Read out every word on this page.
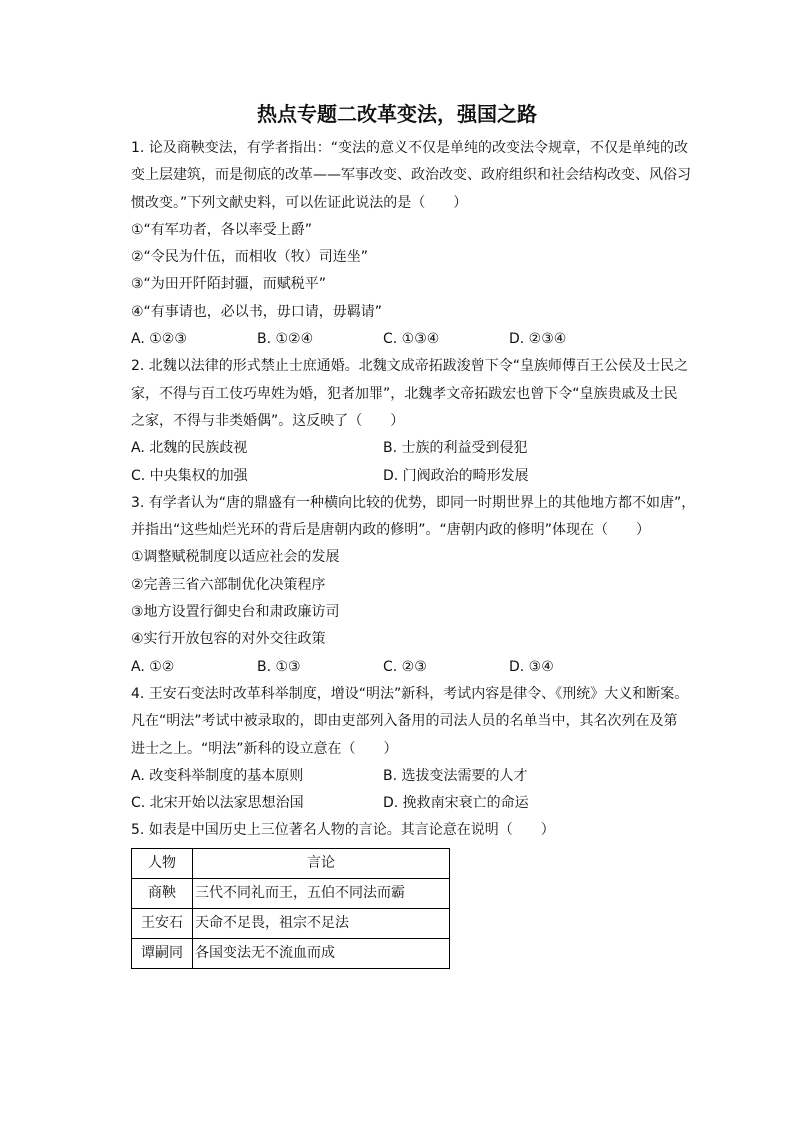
热点专题二改革变法，强国之路
1. 论及商鞅变法，有学者指出：“变法的意义不仅是单纯的改变法令规章，不仅是单纯的改
变上层建筑，而是彻底的改革——军事改变、政治改变、政府组织和社会结构改变、风俗习
惯改变。”下列文献史料，可以佐证此说法的是（　　）
①“有军功者，各以率受上爵”
②“令民为什伍，而相收（牧）司连坐”
③“为田开阡陌封疆，而赋税平”
④“有事请也，必以书，毋口请，毋羁请”
A. ①②③	B. ①②④	C. ①③④	D. ②③④
2. 北魏以法律的形式禁止士庶通婚。北魏文成帝拓跋浚曾下令“皇族师傅百王公侯及士民之
家，不得与百工伎巧卑姓为婚，犯者加罪”，北魏孝文帝拓跋宏也曾下令“皇族贵戚及士民
之家，不得与非类婚偶”。这反映了（　　）
A. 北魏的民族歧视	B. 士族的利益受到侵犯
C. 中央集权的加强	D. 门阀政治的畸形发展
3. 有学者认为“唐的鼎盛有一种横向比较的优势，即同一时期世界上的其他地方都不如唐”，
并指出“这些灿烂光环的背后是唐朝内政的修明”。“唐朝内政的修明”体现在（　　）
①调整赋税制度以适应社会的发展
②完善三省六部制优化决策程序
③地方设置行御史台和肃政廉访司
④实行开放包容的对外交往政策
A. ①②	B. ①③	C. ②③	D. ③④
4. 王安石变法时改革科举制度，增设“明法”新科，考试内容是律令、《刑统》大义和断案。
凡在“明法”考试中被录取的，即由吏部列入备用的司法人员的名单当中，其名次列在及第
进士之上。“明法”新科的设立意在（　　）
A. 改变科举制度的基本原则	B. 选拔变法需要的人才
C. 北宋开始以法家思想治国	D. 挽救南宋衰亡的命运
5. 如表是中国历史上三位著名人物的言论。其言论意在说明（　　）
人物	言论
商鞅	三代不同礼而王，五伯不同法而霸
王安石	天命不足畏，祖宗不足法
谭嗣同	各国变法无不流血而成
